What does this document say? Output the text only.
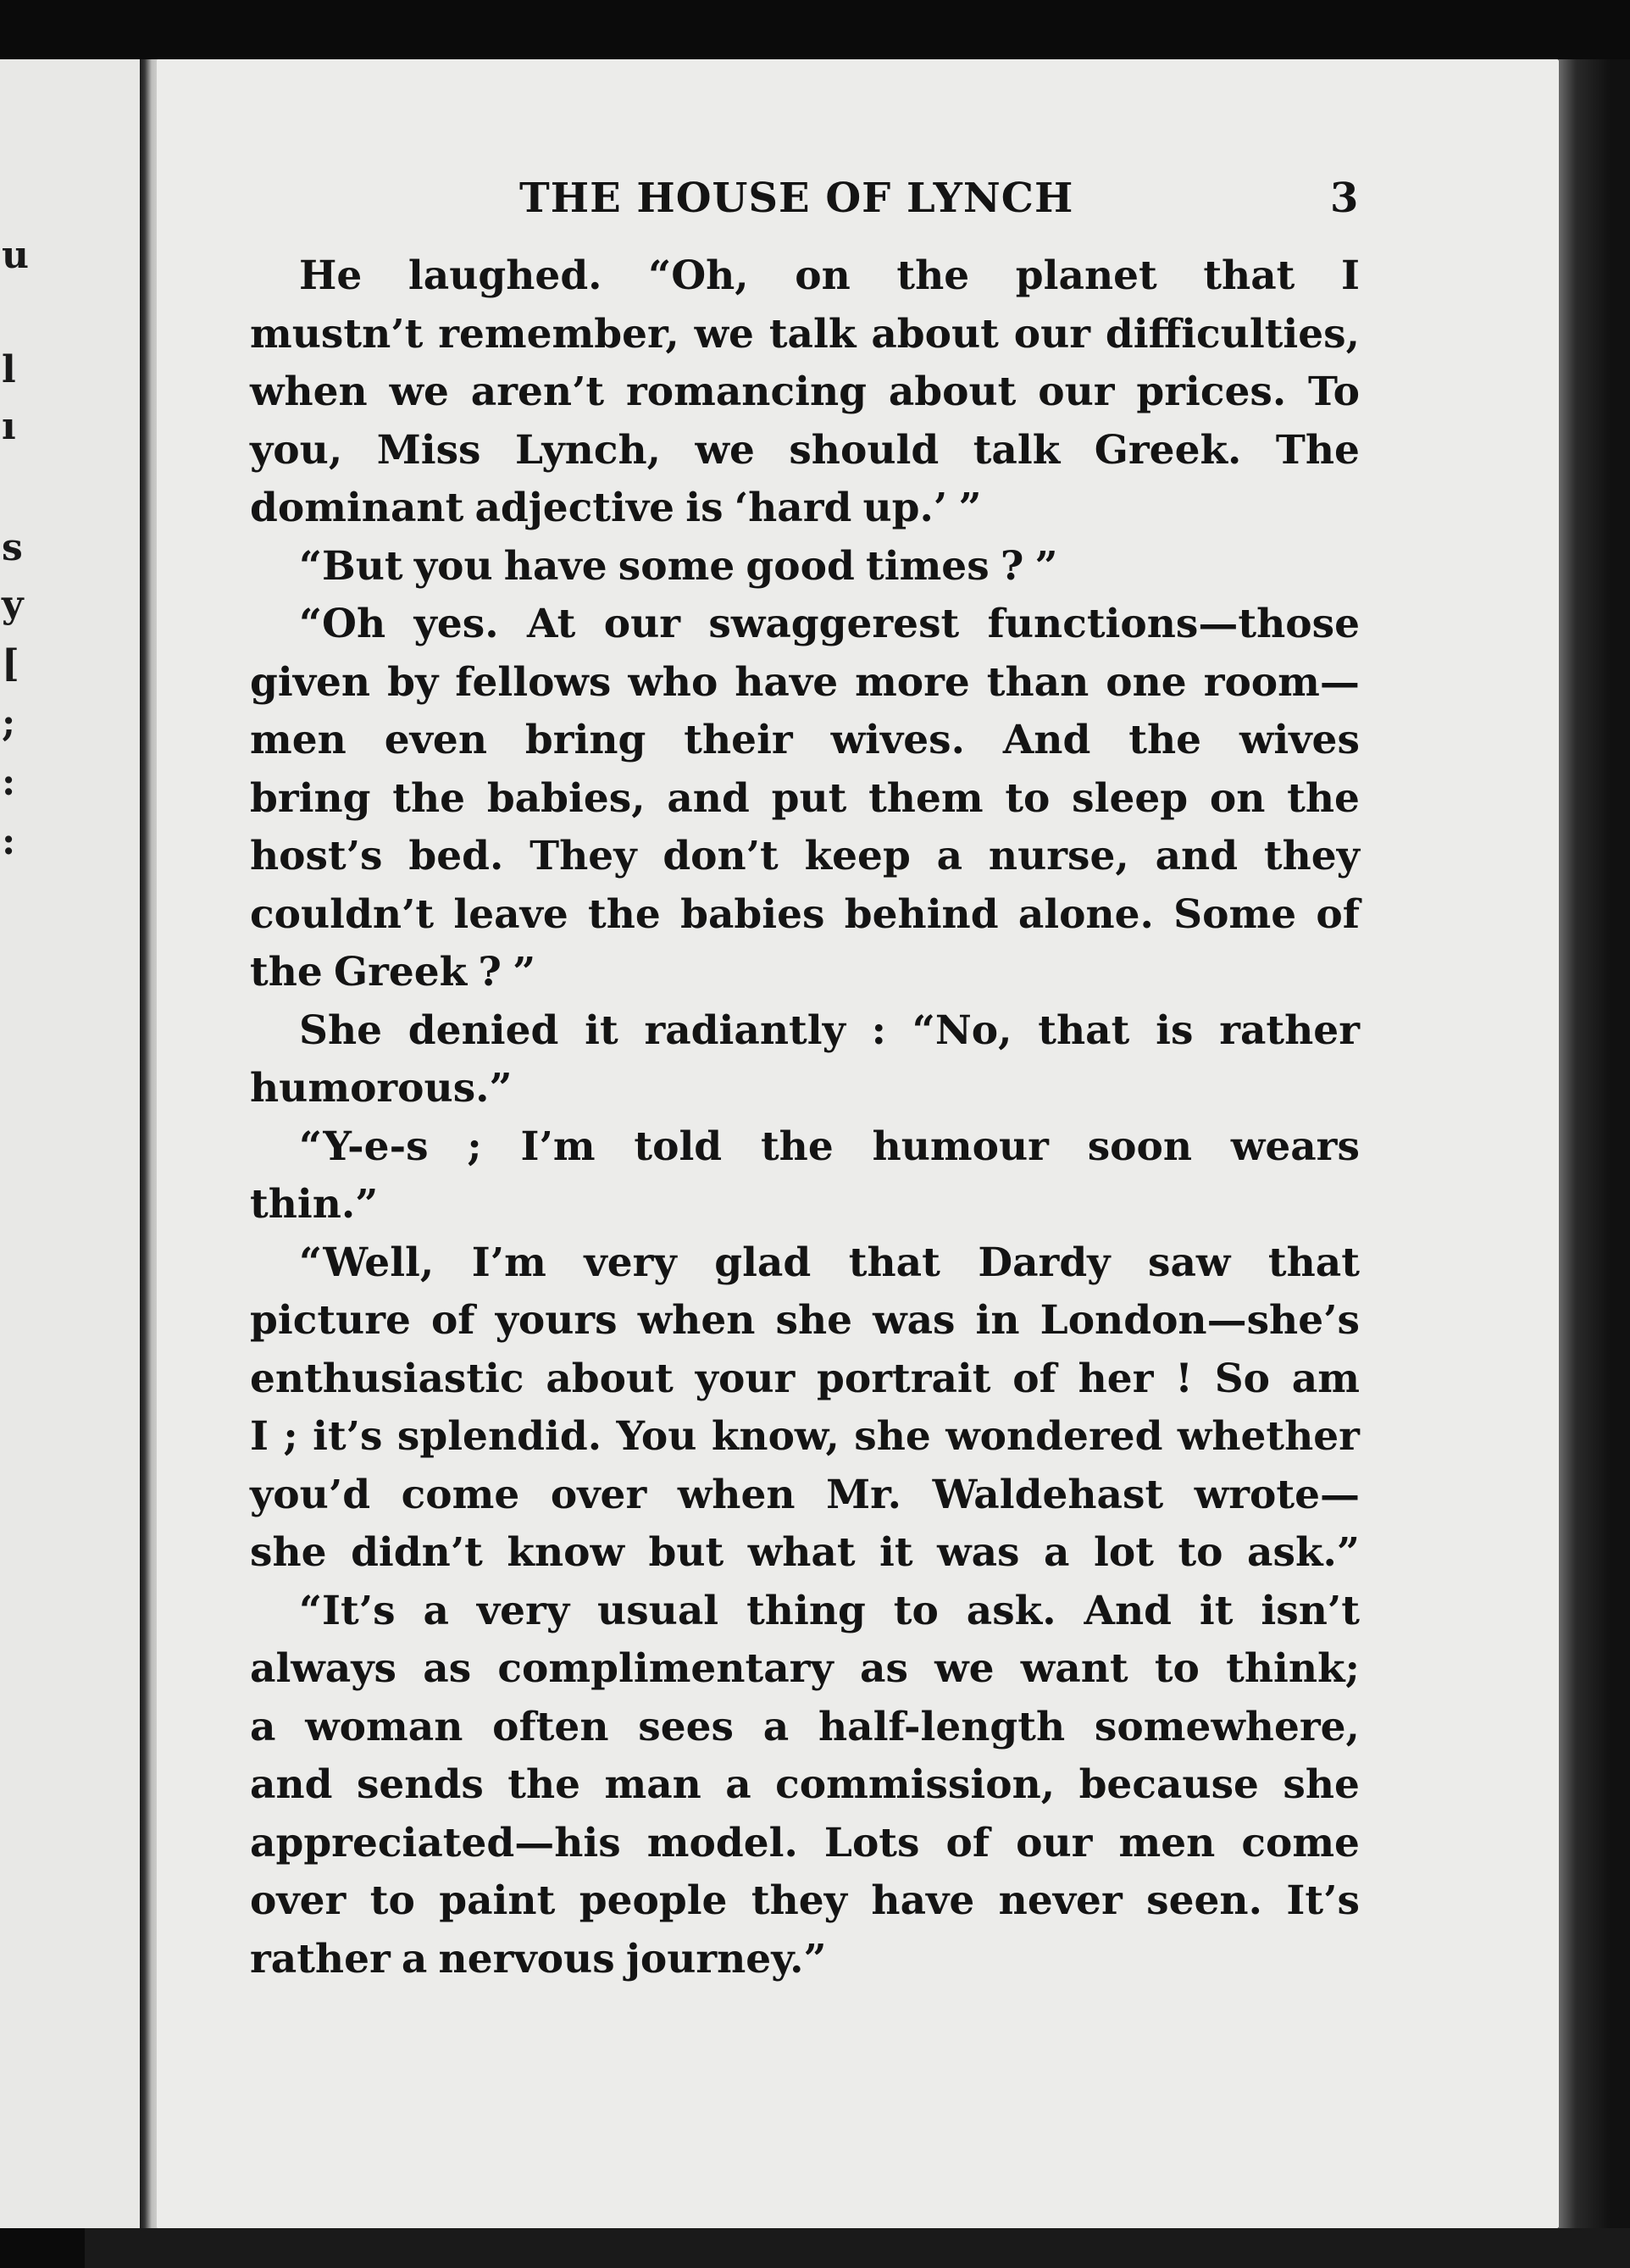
u
l
ı
s
y
[
;
:
:
THE HOUSE OF LYNCH	3
He laughed. “Oh, on the planet that I
mustn’t remember, we talk about our difficulties,
when we aren’t romancing about our prices. To
you, Miss Lynch, we should talk Greek. The
dominant adjective is ‘hard up.’ ”
“But you have some good times ? ”
“Oh yes. At our swaggerest functions—those
given by fellows who have more than one room—
men even bring their wives. And the wives
bring the babies, and put them to sleep on the
host’s bed. They don’t keep a nurse, and they
couldn’t leave the babies behind alone. Some of
the Greek ? ”
She denied it radiantly : “No, that is rather
humorous.”
“Y-e-s ; I’m told the humour soon wears
thin.”
“Well, I’m very glad that Dardy saw that
picture of yours when she was in London—she’s
enthusiastic about your portrait of her ! So am
I ; it’s splendid. You know, she wondered whether
you’d come over when Mr. Waldehast wrote—
she didn’t know but what it was a lot to ask.”
“It’s a very usual thing to ask. And it isn’t
always as complimentary as we want to think;
a woman often sees a half-length somewhere,
and sends the man a commission, because she
appreciated—his model. Lots of our men come
over to paint people they have never seen. It’s
rather a nervous journey.”
